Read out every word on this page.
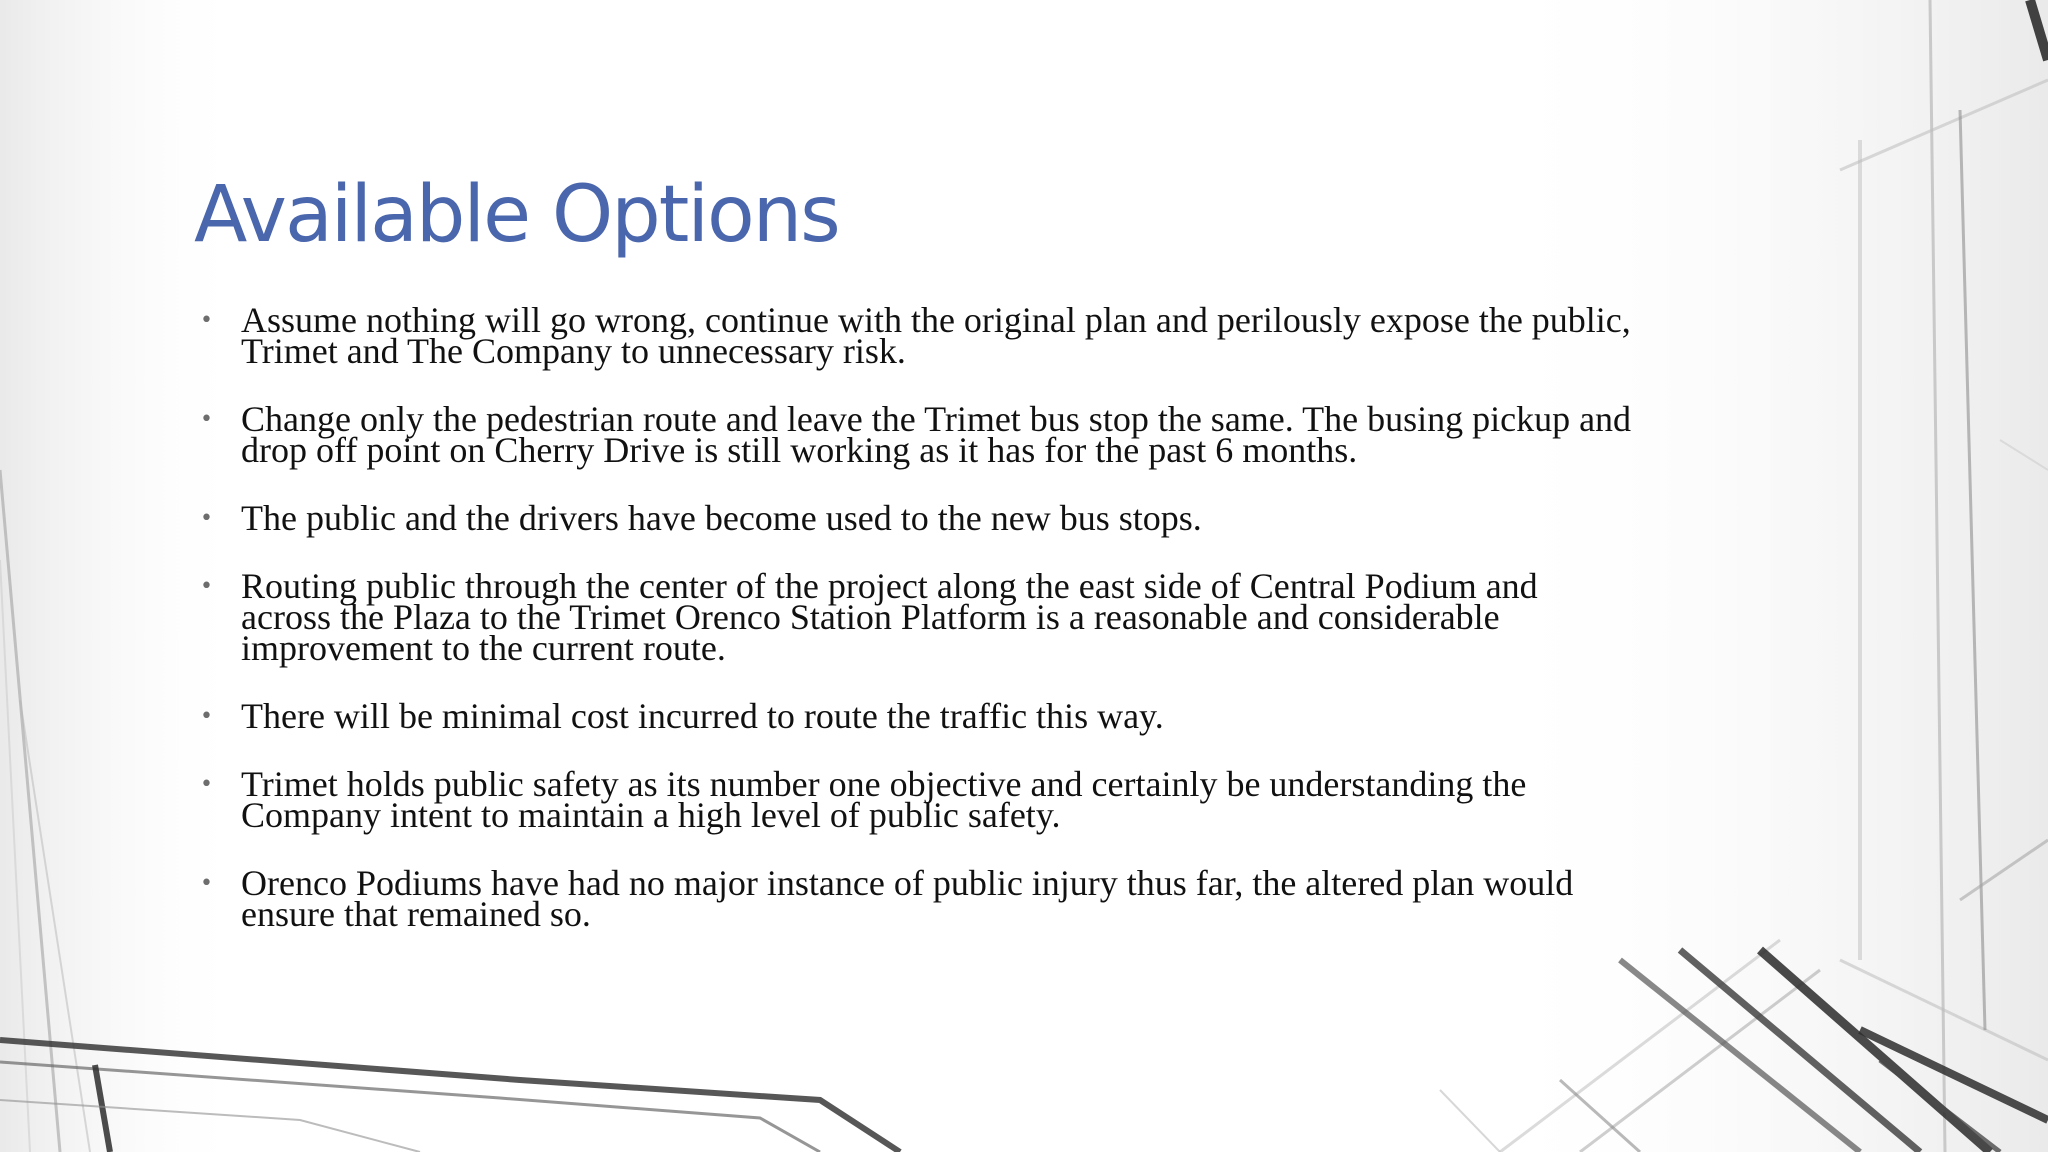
Available Options
• Assume nothing will go wrong, continue with the original plan and perilously expose the public, Trimet and The Company to unnecessary risk.
• Change only the pedestrian route and leave the Trimet bus stop the same. The busing pickup and drop off point on Cherry Drive is still working as it has for the past 6 months.
• The public and the drivers have become used to the new bus stops.
• Routing public through the center of the project along the east side of Central Podium and across the Plaza to the Trimet Orenco Station Platform is a reasonable and considerable improvement to the current route.
• There will be minimal cost incurred to route the traffic this way.
• Trimet holds public safety as its number one objective and certainly be understanding the Company intent to maintain a high level of public safety.
• Orenco Podiums have had no major instance of public injury thus far, the altered plan would ensure that remained so.
